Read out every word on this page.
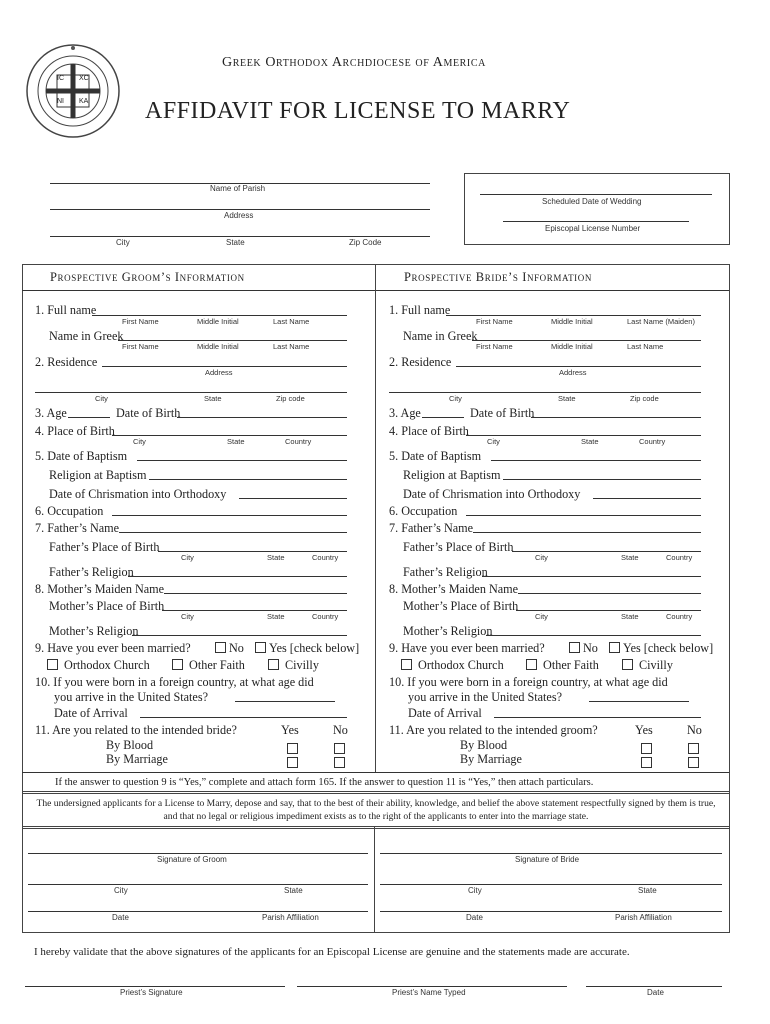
IC XC
NI KA
Greek Orthodox Archdiocese of America
AFFIDAVIT FOR LICENSE TO MARRY
Name of Parish
Address
City	State	Zip Code
Scheduled Date of Wedding
Episcopal License Number
Prospective Groom’s Information
1. Full name
First Name	Middle Initial	Last Name
Name in Greek
First Name	Middle Initial	Last Name
2. Residence
Address
City	State	Zip code
3. Age	Date of Birth
4. Place of Birth
City	State	Country
5. Date of Baptism
Religion at Baptism
Date of Chrismation into Orthodoxy
6. Occupation
7. Father’s Name
Father’s Place of Birth
City	State	Country
Father’s Religion
8. Mother’s Maiden Name
Mother’s Place of Birth
City	State	Country
Mother’s Religion
9. Have you ever been married?	No	Yes [check below]
Orthodox Church	Other Faith	Civilly
10. If you were born in a foreign country, at what age did
you arrive in the United States?
Date of Arrival
11. Are you related to the intended bride?	Yes	No
By Blood
By Marriage
Prospective Bride’s Information
1. Full name
First Name	Middle Initial	Last Name (Maiden)
Name in Greek
First Name	Middle Initial	Last Name
2. Residence
Address
City	State	Zip code
3. Age	Date of Birth
4. Place of Birth
City	State	Country
5. Date of Baptism
Religion at Baptism
Date of Chrismation into Orthodoxy
6. Occupation
7. Father’s Name
Father’s Place of Birth
City	State	Country
Father’s Religion
8. Mother’s Maiden Name
Mother’s Place of Birth
City	State	Country
Mother’s Religion
9. Have you ever been married?	No	Yes [check below]
Orthodox Church	Other Faith	Civilly
10. If you were born in a foreign country, at what age did
you arrive in the United States?
Date of Arrival
11. Are you related to the intended groom?	Yes	No
By Blood
By Marriage
If the answer to question 9 is “Yes,” complete and attach form 165. If the answer to question 11 is “Yes,” then attach particulars.
The undersigned applicants for a License to Marry, depose and say, that to the best of their ability, knowledge, and belief the above statement respectfully signed by them is true, and that no legal or religious impediment exists as to the right of the applicants to enter into the marriage state.
Signature of Groom
City	State
Date	Parish Affiliation
Signature of Bride
City	State
Date	Parish Affiliation
I hereby validate that the above signatures of the applicants for an Episcopal License are genuine and the statements made are accurate.
Priest’s Signature	Priest’s Name Typed	Date
